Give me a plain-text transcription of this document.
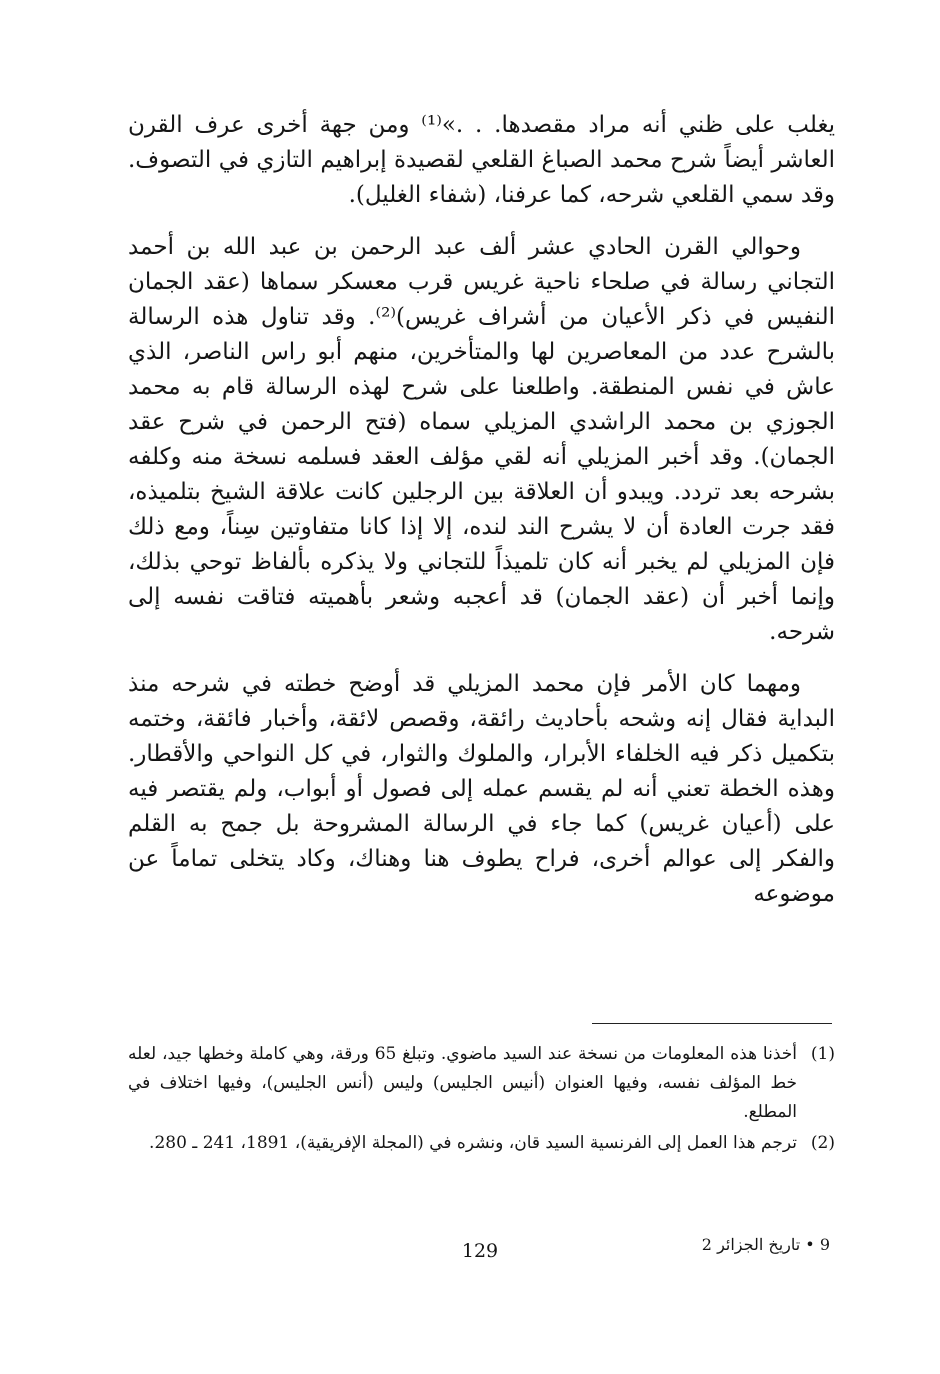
يغلب على ظني أنه مراد مقصدها. . .»⁽¹⁾ ومن جهة أخرى عرف القرن العاشر أيضاً شرح محمد الصباغ القلعي لقصيدة إبراهيم التازي في التصوف. وقد سمي القلعي شرحه، كما عرفنا، (شفاء الغليل).

وحوالي القرن الحادي عشر ألف عبد الرحمن بن عبد الله بن أحمد التجاني رسالة في صلحاء ناحية غريس قرب معسكر سماها (عقد الجمان النفيس في ذكر الأعيان من أشراف غريس)⁽²⁾. وقد تناول هذه الرسالة بالشرح عدد من المعاصرين لها والمتأخرين، منهم أبو راس الناصر، الذي عاش في نفس المنطقة. واطلعنا على شرح لهذه الرسالة قام به محمد الجوزي بن محمد الراشدي المزيلي سماه (فتح الرحمن في شرح عقد الجمان). وقد أخبر المزيلي أنه لقي مؤلف العقد فسلمه نسخة منه وكلفه بشرحه بعد تردد. ويبدو أن العلاقة بين الرجلين كانت علاقة الشيخ بتلميذه، فقد جرت العادة أن لا يشرح الند لنده، إلا إذا كانا متفاوتين سِناً، ومع ذلك فإن المزيلي لم يخبر أنه كان تلميذاً للتجاني ولا يذكره بألفاظ توحي بذلك، وإنما أخبر أن (عقد الجمان) قد أعجبه وشعر بأهميته فتاقت نفسه إلى شرحه.

ومهما كان الأمر فإن محمد المزيلي قد أوضح خطته في شرحه منذ البداية فقال إنه وشحه بأحاديث رائقة، وقصص لائقة، وأخبار فائقة، وختمه بتكميل ذكر فيه الخلفاء الأبرار، والملوك والثوار، في كل النواحي والأقطار. وهذه الخطة تعني أنه لم يقسم عمله إلى فصول أو أبواب، ولم يقتصر فيه على (أعيان غريس) كما جاء في الرسالة المشروحة بل جمح به القلم والفكر إلى عوالم أخرى، فراح يطوف هنا وهناك، وكاد يتخلى تماماً عن موضوعه

(1)
أخذنا هذه المعلومات من نسخة عند السيد ماضوي. وتبلغ 65 ورقة، وهي كاملة وخطها جيد، لعله خط المؤلف نفسه، وفيها العنوان (أنيس الجليس) وليس (أنس الجليس)، وفيها اختلاف في المطلع.
(2)
ترجم هذا العمل إلى الفرنسية السيد قان، ونشره في (المجلة الإفريقية)، 1891، 241 ـ 280.
129	9 • تاريخ الجزائر 2
